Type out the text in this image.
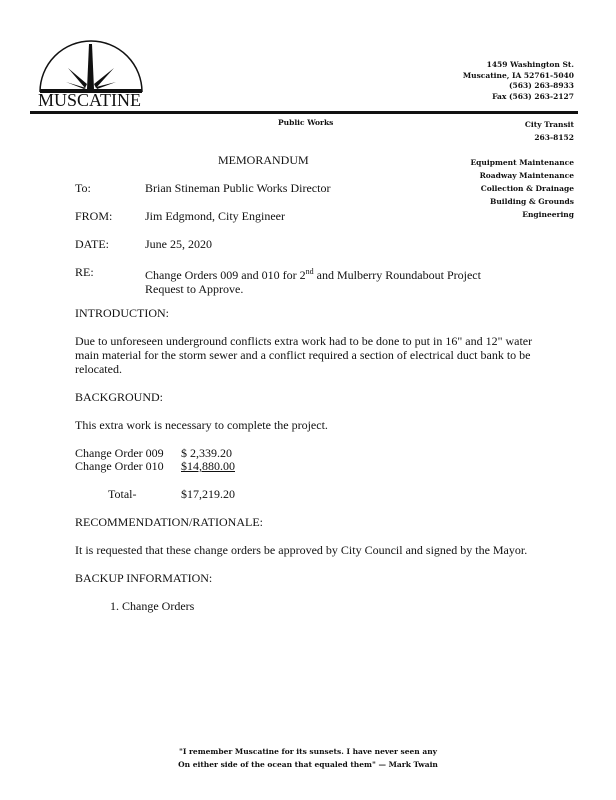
MUSCATINE
1459 Washington St.
Muscatine, IA 52761-5040
(563) 263-8933
Fax (563) 263-2127
Public Works	City Transit
263-8152
Equipment Maintenance
Roadway Maintenance
Collection & Drainage
Building & Grounds
Engineering
MEMORANDUM
To:	Brian Stineman Public Works Director
FROM:	Jim Edgmond, City Engineer
DATE:	June 25, 2020
RE:	Change Orders 009 and 010 for 2nd and Mulberry Roundabout Project
Request to Approve.
INTRODUCTION:
Due to unforeseen underground conflicts extra work had to be done to put in 16" and 12" water main material for the storm sewer and a conflict required a section of electrical duct bank to be relocated.
BACKGROUND:
This extra work is necessary to complete the project.
Change Order 009 $ 2,339.20
Change Order 010 $14,880.00
Total-	$17,219.20
RECOMMENDATION/RATIONALE:
It is requested that these change orders be approved by City Council and signed by the Mayor.
BACKUP INFORMATION:
1. Change Orders
"I remember Muscatine for its sunsets. I have never seen any
On either side of the ocean that equaled them" — Mark Twain
